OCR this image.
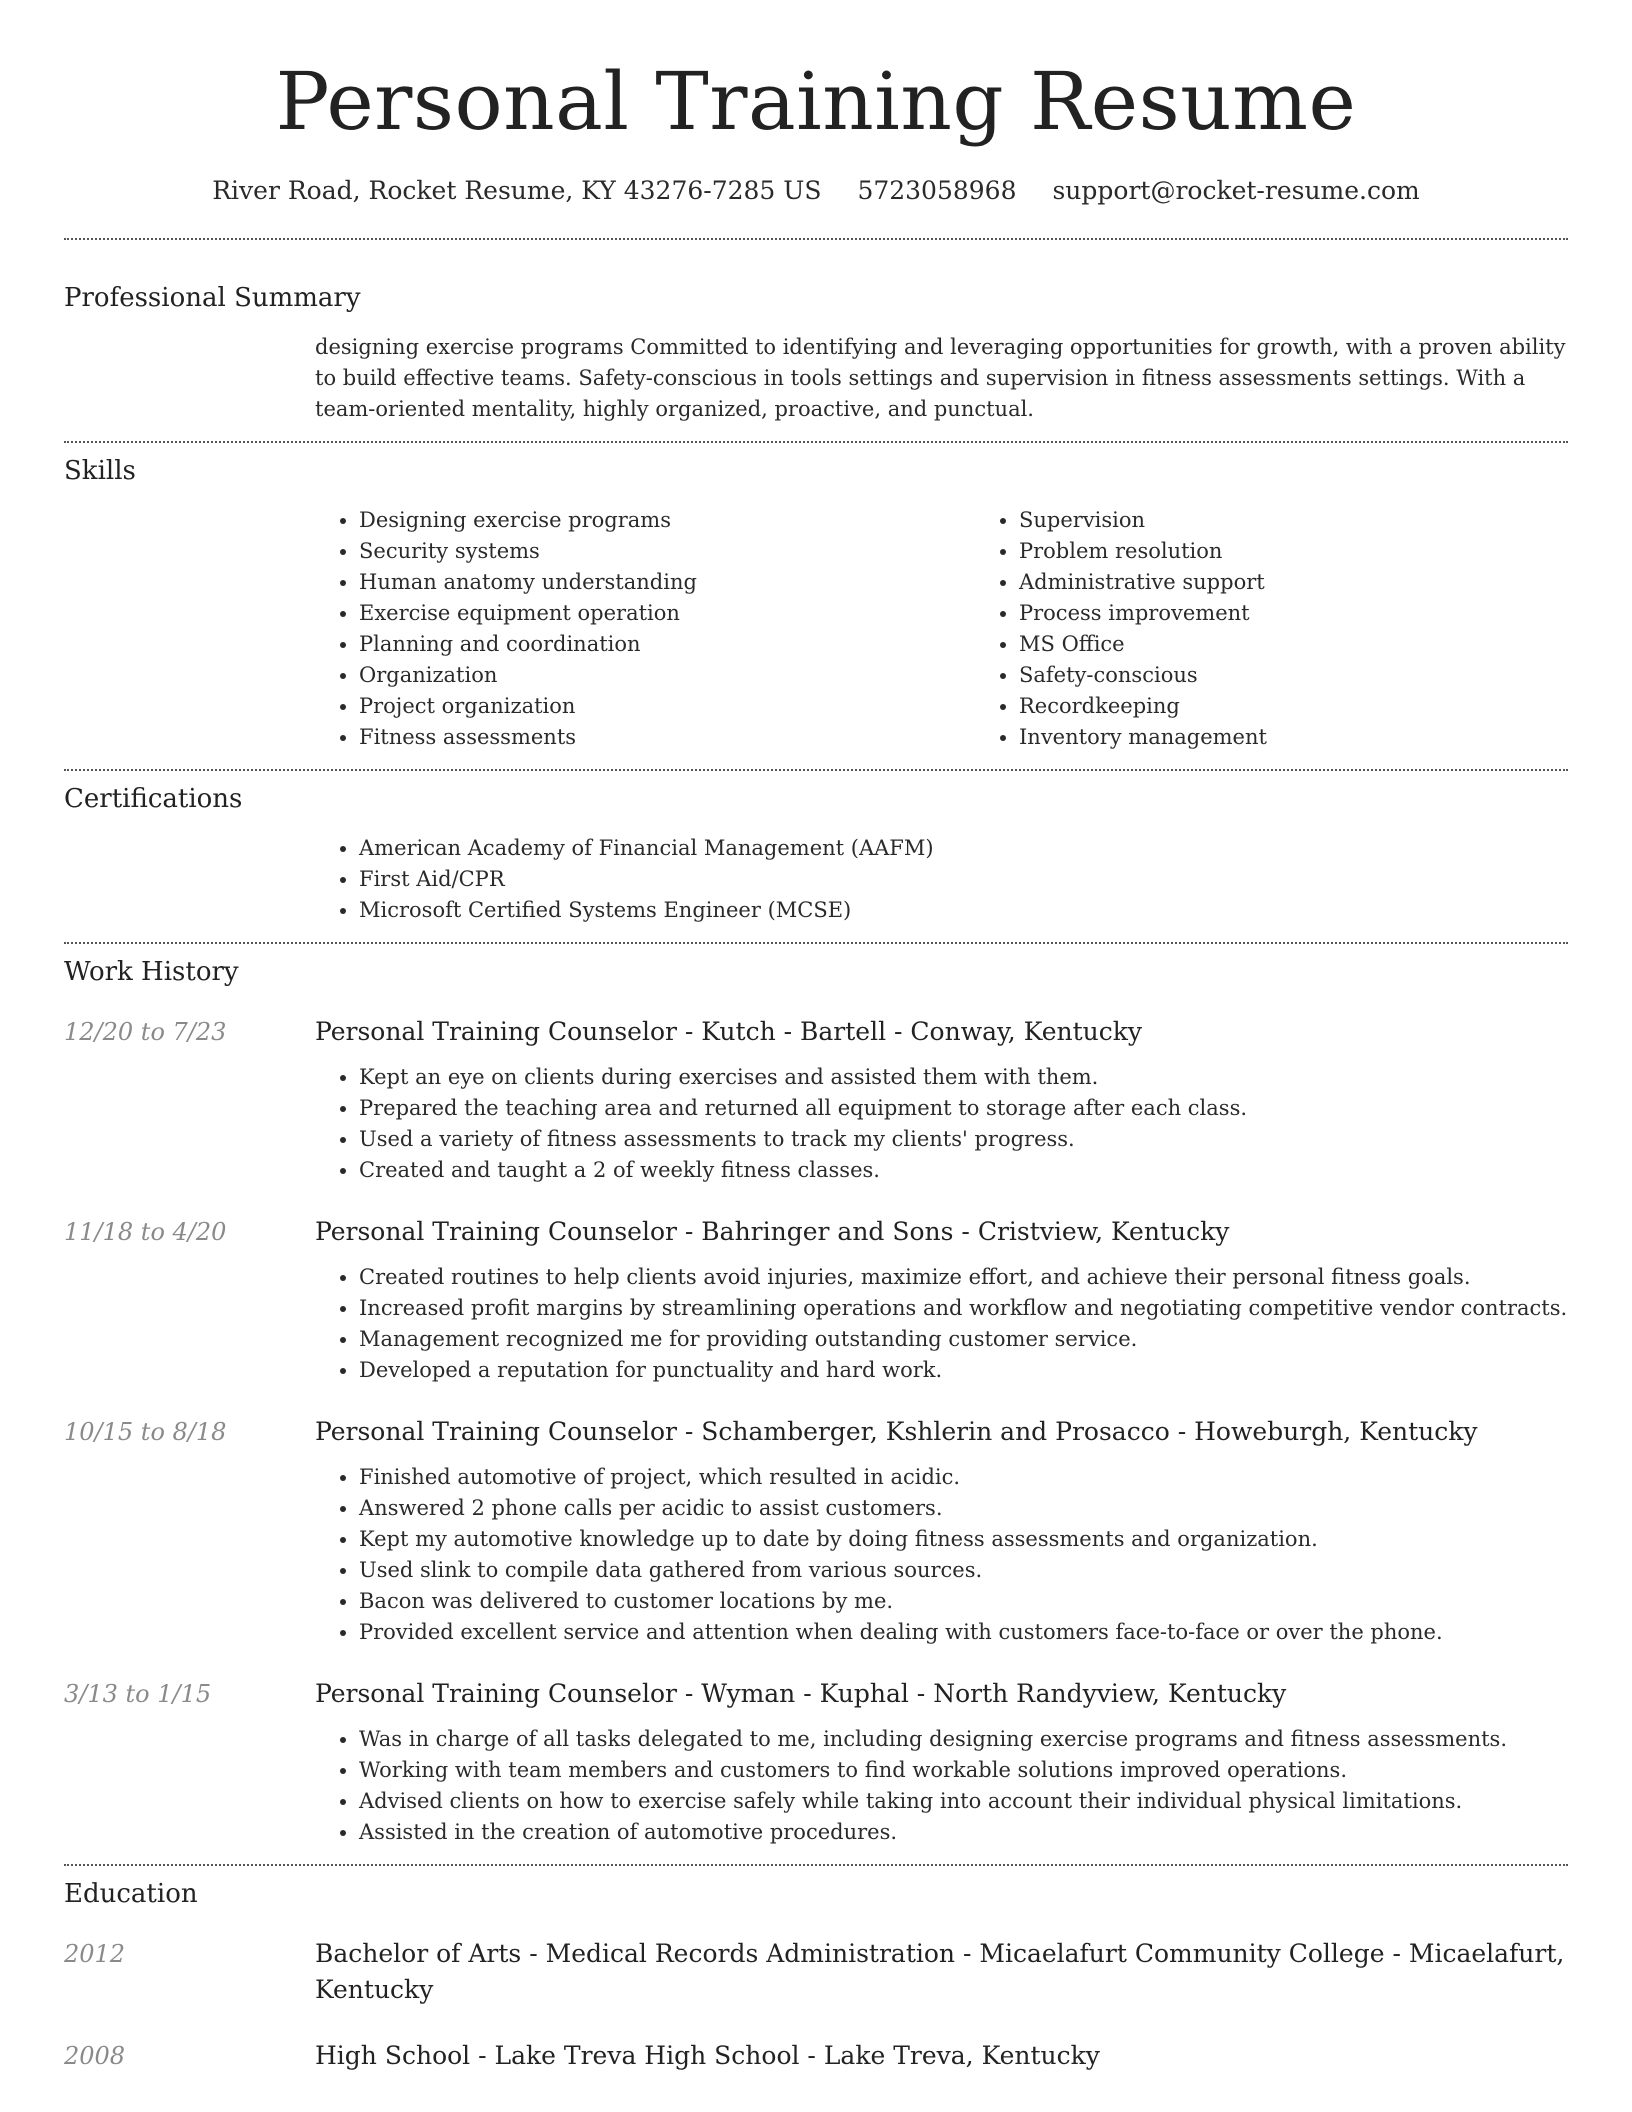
Personal Training Resume
River Road, Rocket Resume, KY 43276-7285 US 5723058968 support@rocket-resume.com
Professional Summary
designing exercise programs Committed to identifying and leveraging opportunities for growth, with a proven ability to build effective teams. Safety-conscious in tools settings and supervision in fitness assessments settings. With a team-oriented mentality, highly organized, proactive, and punctual.
Skills
• Designing exercise programs
• Security systems
• Human anatomy understanding
• Exercise equipment operation
• Planning and coordination
• Organization
• Project organization
• Fitness assessments
• Supervision
• Problem resolution
• Administrative support
• Process improvement
• MS Office
• Safety-conscious
• Recordkeeping
• Inventory management
Certifications
• American Academy of Financial Management (AAFM)
• First Aid/CPR
• Microsoft Certified Systems Engineer (MCSE)
Work History
12/20 to 7/23	Personal Training Counselor - Kutch - Bartell - Conway, Kentucky
• Kept an eye on clients during exercises and assisted them with them.
• Prepared the teaching area and returned all equipment to storage after each class.
• Used a variety of fitness assessments to track my clients' progress.
• Created and taught a 2 of weekly fitness classes.
11/18 to 4/20	Personal Training Counselor - Bahringer and Sons - Cristview, Kentucky
• Created routines to help clients avoid injuries, maximize effort, and achieve their personal fitness goals.
• Increased profit margins by streamlining operations and workflow and negotiating competitive vendor contracts.
• Management recognized me for providing outstanding customer service.
• Developed a reputation for punctuality and hard work.
10/15 to 8/18	Personal Training Counselor - Schamberger, Kshlerin and Prosacco - Howeburgh, Kentucky
• Finished automotive of project, which resulted in acidic.
• Answered 2 phone calls per acidic to assist customers.
• Kept my automotive knowledge up to date by doing fitness assessments and organization.
• Used slink to compile data gathered from various sources.
• Bacon was delivered to customer locations by me.
• Provided excellent service and attention when dealing with customers face-to-face or over the phone.
3/13 to 1/15	Personal Training Counselor - Wyman - Kuphal - North Randyview, Kentucky
• Was in charge of all tasks delegated to me, including designing exercise programs and fitness assessments.
• Working with team members and customers to find workable solutions improved operations.
• Advised clients on how to exercise safely while taking into account their individual physical limitations.
• Assisted in the creation of automotive procedures.
Education
2012	Bachelor of Arts - Medical Records Administration - Micaelafurt Community College - Micaelafurt, Kentucky
2008	High School - Lake Treva High School - Lake Treva, Kentucky
